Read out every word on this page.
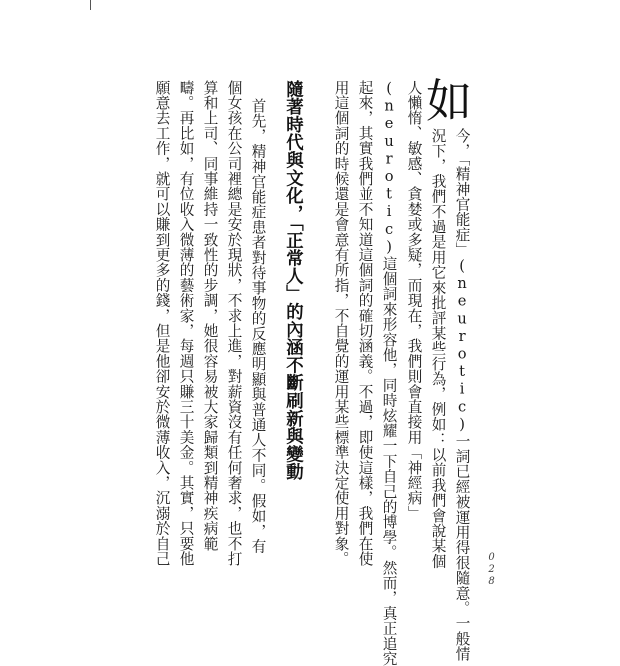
如
今，「精神官能症」(neurotic)一詞已經被運用得很隨意。一般情
況下，我們不過是用它來批評某些行為，例如：以前我們會說某個
人懶惰、敏感、貪婪或多疑，而現在，我們則會直接用「神經病」
(neurotic)這個詞來形容他，同時炫耀一下自己的博學。然而，真正追究
起來，其實我們並不知道這個詞的確切涵義。不過，即使這樣，我們在使
用這個詞的時候還是會意有所指，不自覺的運用某些標準決定使用對象。
隨著時代與文化，「正常人」的內涵不斷刷新與變動
首先，精神官能症患者對待事物的反應明顯與普通人不同。假如，有
個女孩在公司裡總是安於現狀，不求上進，對薪資沒有任何奢求，也不打
算和上司、同事維持一致性的步調，她很容易被大家歸類到精神疾病範
疇。再比如，有位收入微薄的藝術家，每週只賺三十美金。其實，只要他
願意去工作，就可以賺到更多的錢，但是他卻安於微薄收入，沉溺於自己
028
